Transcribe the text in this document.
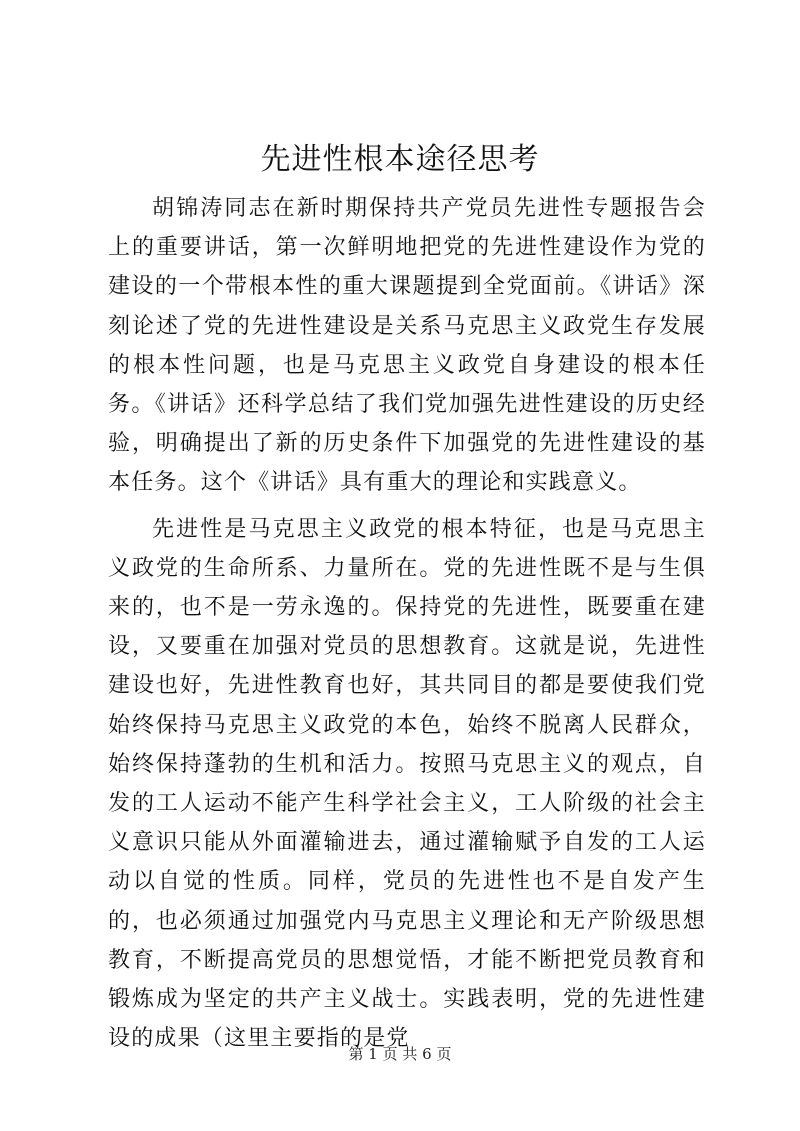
先进性根本途径思考

胡锦涛同志在新时期保持共产党员先进性专题报告会上的重要讲话，第一次鲜明地把党的先进性建设作为党的建设的一个带根本性的重大课题提到全党面前。《讲话》深刻论述了党的先进性建设是关系马克思主义政党生存发展的根本性问题，也是马克思主义政党自身建设的根本任务。《讲话》还科学总结了我们党加强先进性建设的历史经验，明确提出了新的历史条件下加强党的先进性建设的基本任务。这个《讲话》具有重大的理论和实践意义。

先进性是马克思主义政党的根本特征，也是马克思主义政党的生命所系、力量所在。党的先进性既不是与生俱来的，也不是一劳永逸的。保持党的先进性，既要重在建设，又要重在加强对党员的思想教育。这就是说，先进性建设也好，先进性教育也好，其共同目的都是要使我们党始终保持马克思主义政党的本色，始终不脱离人民群众，始终保持蓬勃的生机和活力。按照马克思主义的观点，自发的工人运动不能产生科学社会主义，工人阶级的社会主义意识只能从外面灌输进去，通过灌输赋予自发的工人运动以自觉的性质。同样，党员的先进性也不是自发产生的，也必须通过加强党内马克思主义理论和无产阶级思想教育，不断提高党员的思想觉悟，才能不断把党员教育和锻炼成为坚定的共产主义战士。实践表明，党的先进性建设的成果（这里主要指的是党

第 1 页 共 6 页
